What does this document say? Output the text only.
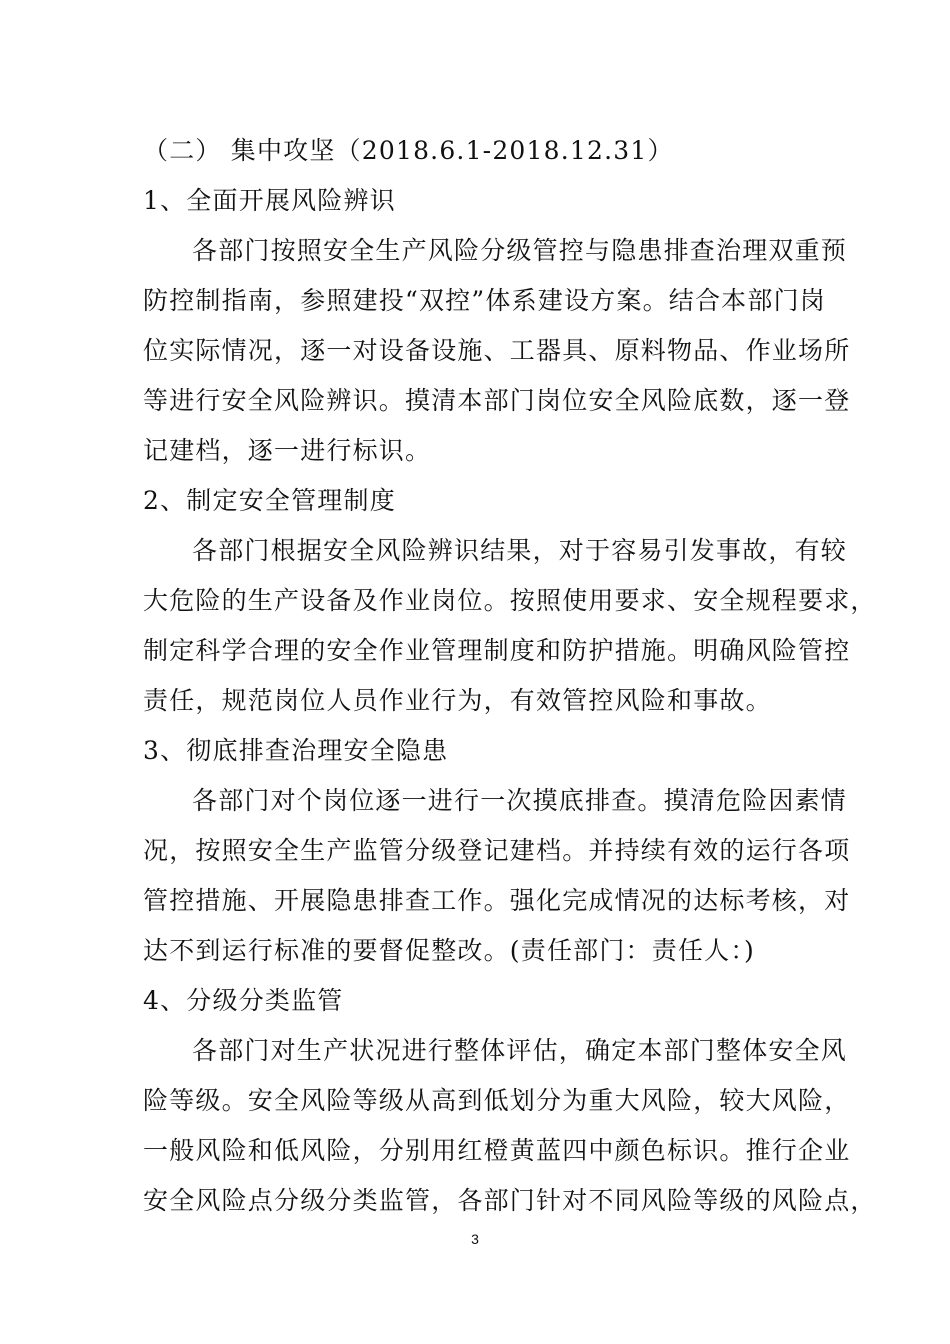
（二） 集中攻坚（2018.6.1-2018.12.31）
1、全面开展风险辨识
各部门按照安全生产风险分级管控与隐患排查治理双重预
防控制指南，参照建投“双控”体系建设方案。结合本部门岗
位实际情况，逐一对设备设施、工器具、原料物品、作业场所
等进行安全风险辨识。摸清本部门岗位安全风险底数，逐一登
记建档，逐一进行标识。
2、制定安全管理制度
各部门根据安全风险辨识结果，对于容易引发事故，有较
大危险的生产设备及作业岗位。按照使用要求、安全规程要求，
制定科学合理的安全作业管理制度和防护措施。明确风险管控
责任，规范岗位人员作业行为，有效管控风险和事故。
3、彻底排查治理安全隐患
各部门对个岗位逐一进行一次摸底排查。摸清危险因素情
况，按照安全生产监管分级登记建档。并持续有效的运行各项
管控措施、开展隐患排查工作。强化完成情况的达标考核，对
达不到运行标准的要督促整改。(责任部门：责任人：)
4、分级分类监管
各部门对生产状况进行整体评估，确定本部门整体安全风
险等级。安全风险等级从高到低划分为重大风险，较大风险，
一般风险和低风险，分别用红橙黄蓝四中颜色标识。推行企业
安全风险点分级分类监管，各部门针对不同风险等级的风险点，
3
